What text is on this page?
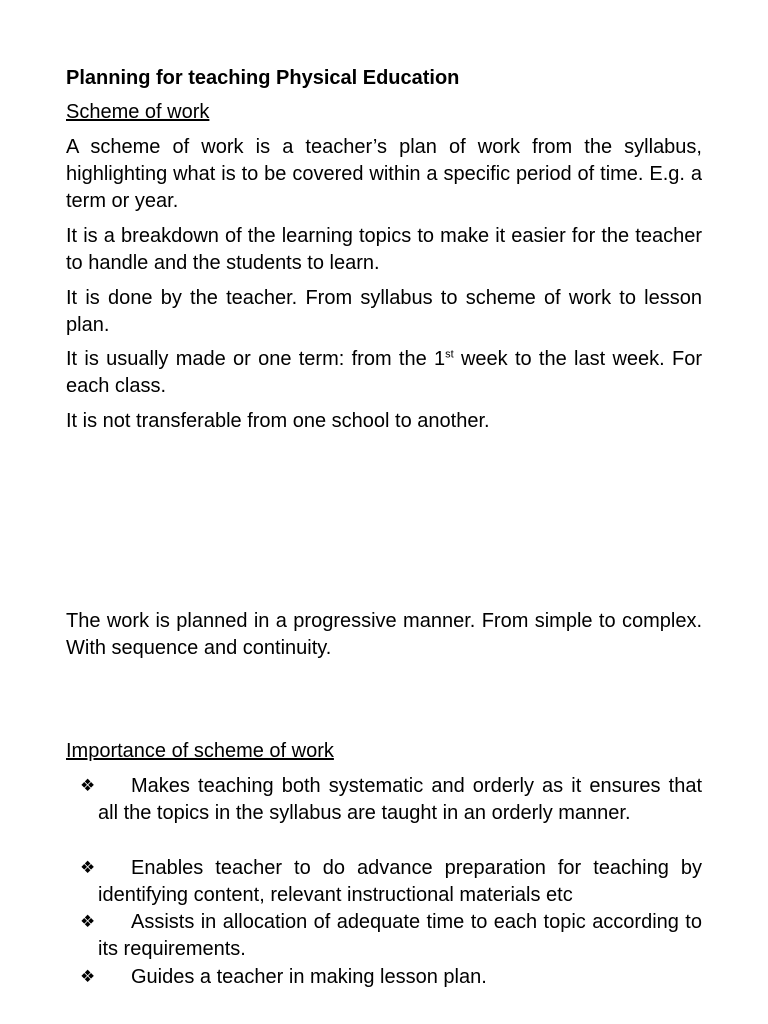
Planning for teaching Physical Education
Scheme of work
A scheme of work is a teacher’s plan of work from the syllabus, highlighting what is to be covered within a specific period of time. E.g. a term or year.
It is a breakdown of the learning topics to make it easier for the teacher to handle and the students to learn.
It is done by the teacher. From syllabus to scheme of work to lesson plan.
It is usually made or one term: from the 1st week to the last week. For each class.
It is not transferable from one school to another.
The work is planned in a progressive manner. From simple to complex. With sequence and continuity.
Importance of scheme of work
❖ Makes teaching both systematic and orderly as it ensures that all the topics in the syllabus are taught in an orderly manner.
❖ Enables teacher to do advance preparation for teaching by identifying content, relevant instructional materials etc
❖ Assists in allocation of adequate time to each topic according to its requirements.
❖ Guides a teacher in making lesson plan.
